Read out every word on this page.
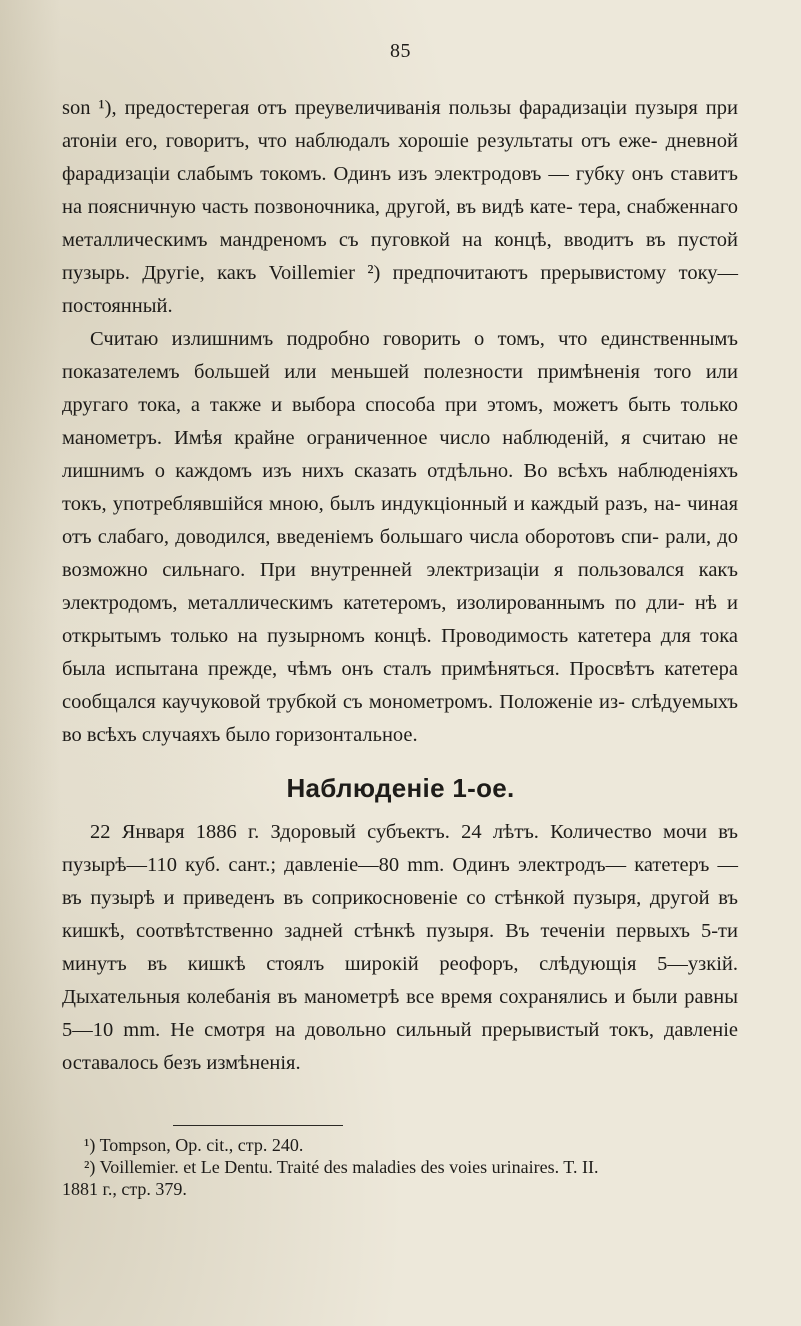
85

son ¹), предостерегая отъ преувеличиванія пользы фарадизаціи пузыря при атоніи его, говоритъ, что наблюдалъ хорошіе результаты отъ еже- дневной фарадизаціи слабымъ токомъ. Одинъ изъ электродовъ — губку онъ ставитъ на поясничную часть позвоночника, другой, въ видѣ кате- тера, снабженнаго металлическимъ мандреномъ съ пуговкой на концѣ, вводитъ въ пустой пузырь. Другіе, какъ Voillemier ²) предпочитаютъ прерывистому току—постоянный.

Считаю излишнимъ подробно говорить о томъ, что единственнымъ показателемъ большей или меньшей полезности примѣненія того или другаго тока, а также и выбора способа при этомъ, можетъ быть только манометръ. Имѣя крайне ограниченное число наблюденій, я считаю не лишнимъ о каждомъ изъ нихъ сказать отдѣльно. Во всѣхъ наблюденіяхъ токъ, употреблявшійся мною, былъ индукціонный и каждый разъ, на- чиная отъ слабаго, доводился, введеніемъ большаго числа оборотовъ спи- рали, до возможно сильнаго. При внутренней электризаціи я пользовался какъ электродомъ, металлическимъ катетеромъ, изолированнымъ по дли- нѣ и открытымъ только на пузырномъ концѣ. Проводимость катетера для тока была испытана прежде, чѣмъ онъ сталъ примѣняться. Просвѣтъ катетера сообщался каучуковой трубкой съ монометромъ. Положеніе из- слѣдуемыхъ во всѣхъ случаяхъ было горизонтальное.

Наблюденіе 1-ое.

22 Января 1886 г. Здоровый субъектъ. 24 лѣтъ. Количество мочи въ пузырѣ—110 куб. сант.; давленіе—80 mm. Одинъ электродъ— катетеръ — въ пузырѣ и приведенъ въ соприкосновеніе со стѣнкой пузыря, другой въ кишкѣ, соотвѣтственно задней стѣнкѣ пузыря. Въ теченіи первыхъ 5-ти минутъ въ кишкѣ стоялъ широкій реофоръ, слѣдующія 5—узкій. Дыхательныя колебанія въ манометрѣ все время сохранялись и были равны 5—10 mm. Не смотря на довольно сильный прерывистый токъ, давленіе оставалось безъ измѣненія.

¹) Tompson, Op. cit., стр. 240.

²) Voillemier. et Le Dentu. Traité des maladies des voies urinaires. T. II.

1881 г., стр. 379.
